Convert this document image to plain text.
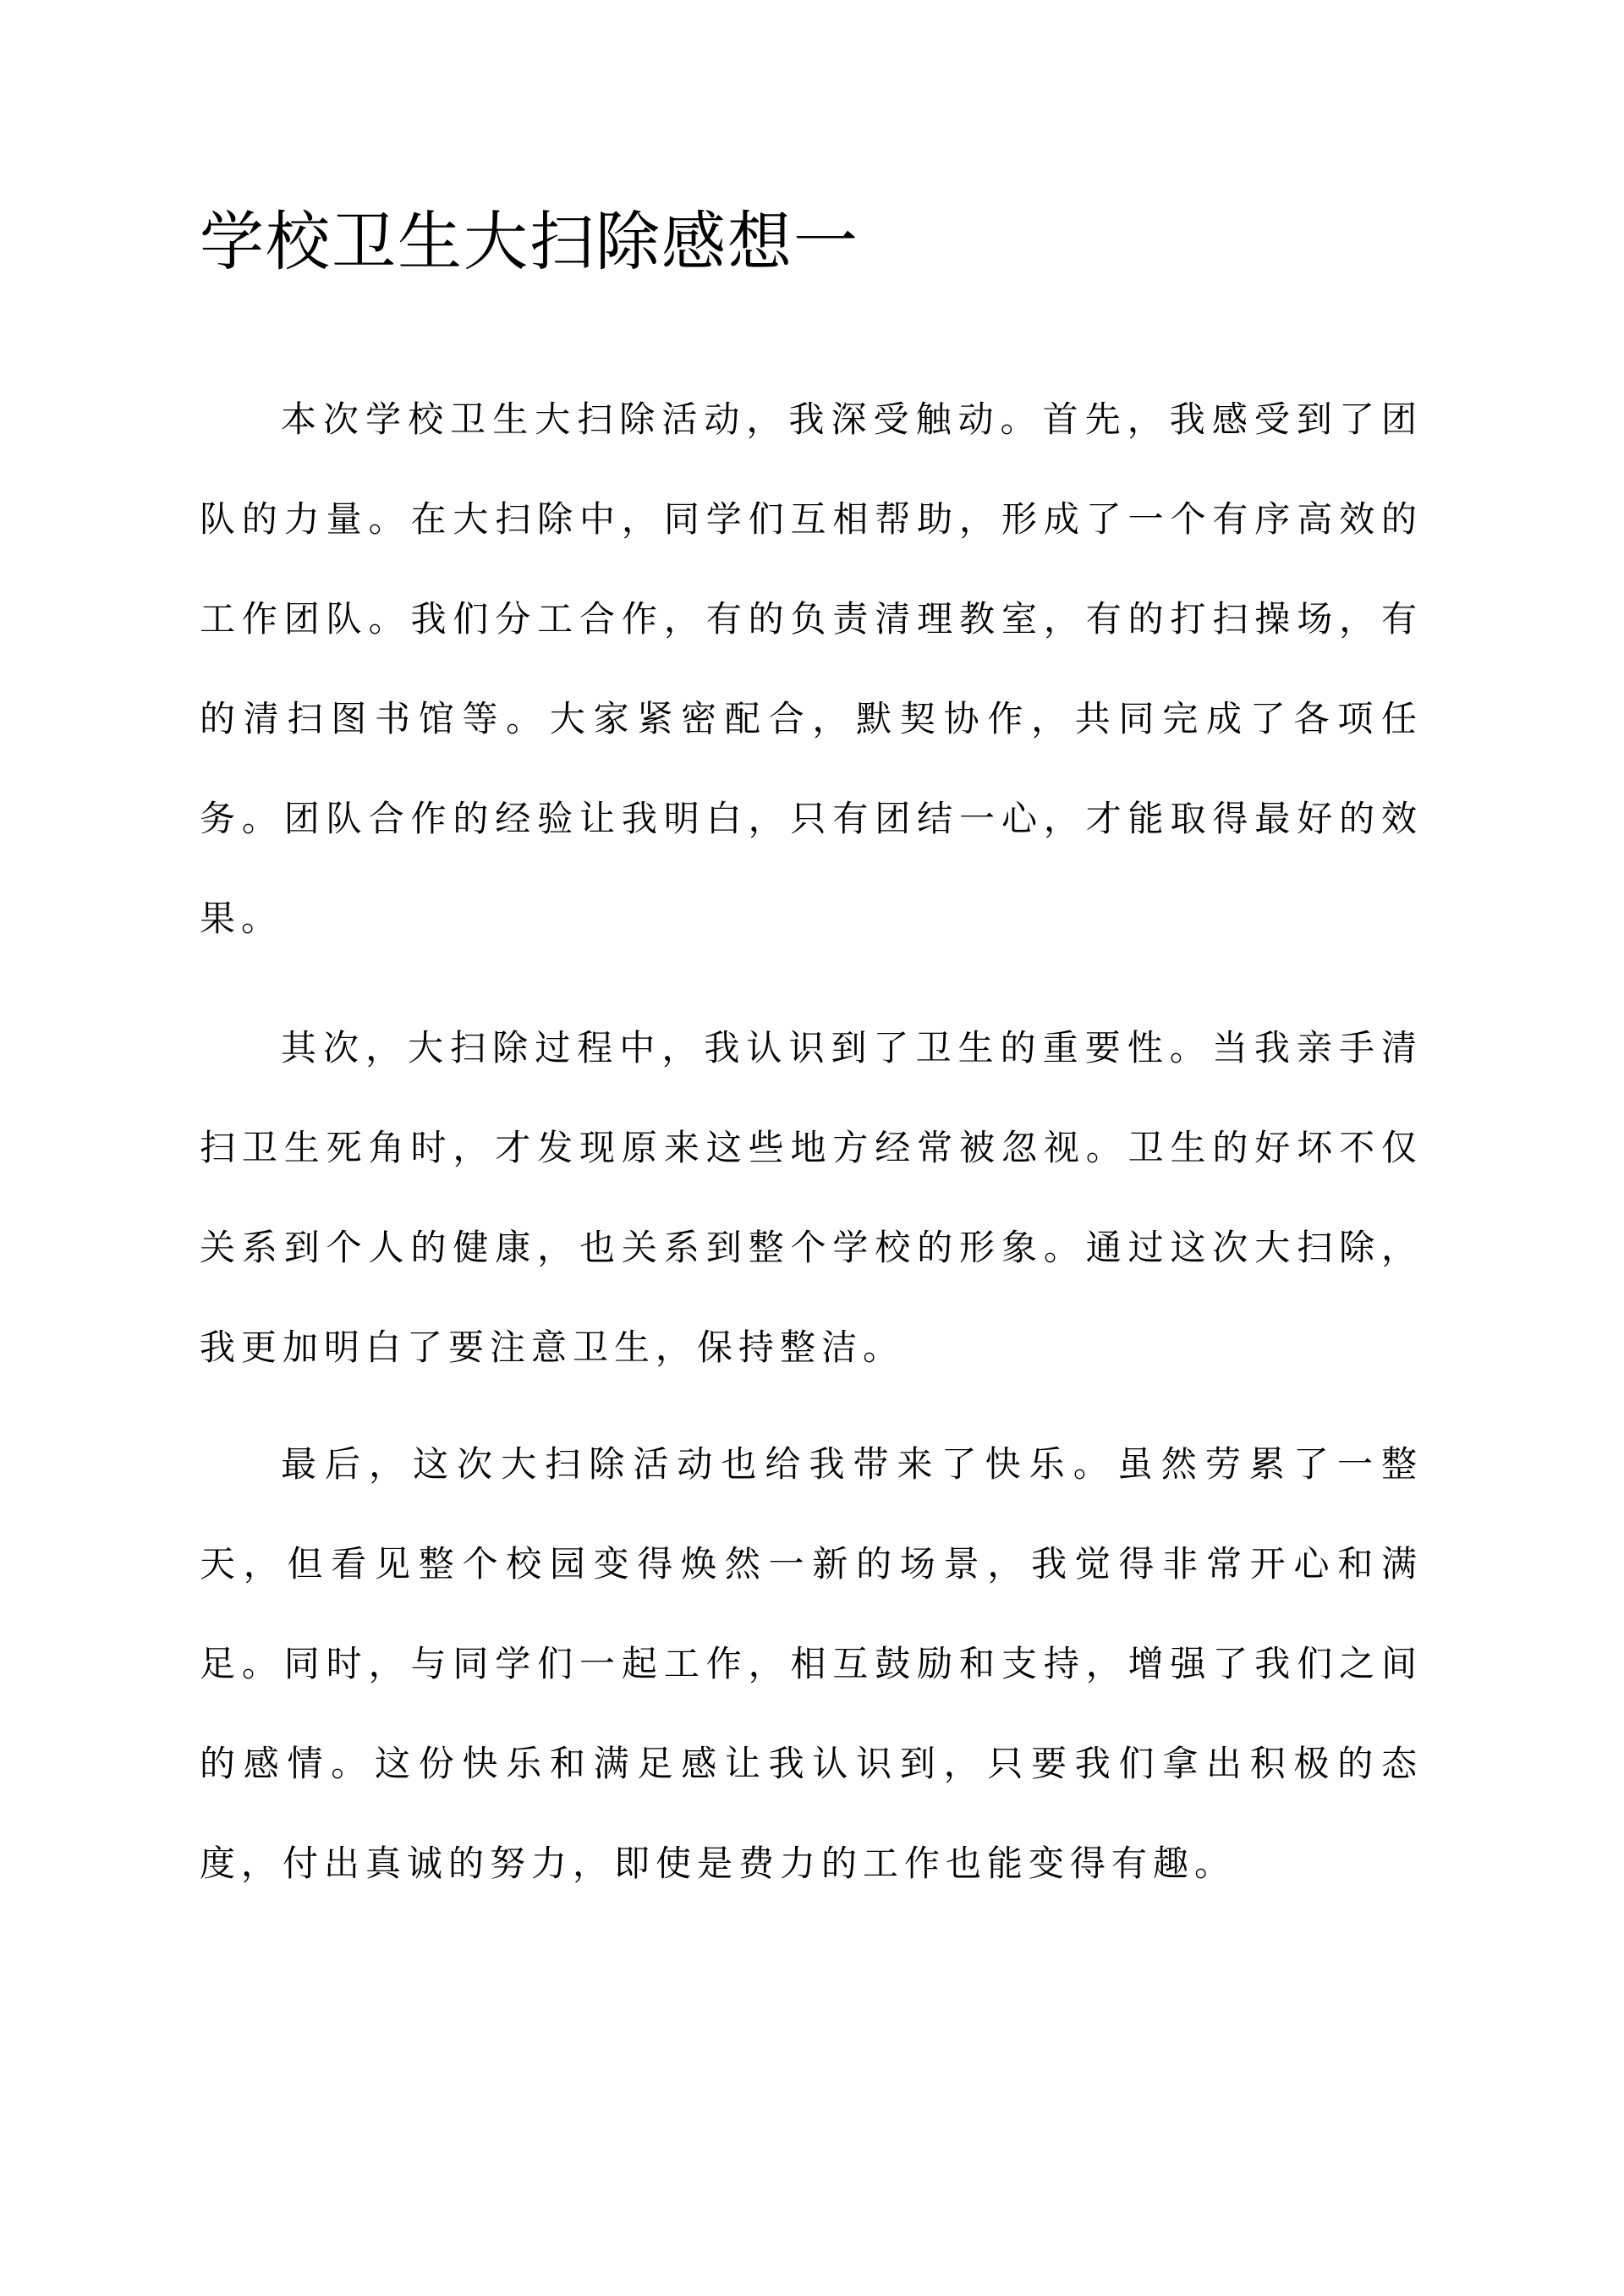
学校卫生大扫除感想一

本次学校卫生大扫除活动，我深受触动。首先，我感受到了团队的力量。在大扫除中，同学们互相帮助，形成了一个有序高效的工作团队。我们分工合作，有的负责清理教室，有的打扫操场，有的清扫图书馆等。大家紧密配合，默契协作，共同完成了各项任务。团队合作的经验让我明白，只有团结一心，才能取得最好的效果。

其次，大扫除过程中，我认识到了卫生的重要性。当我亲手清扫卫生死角时，才发现原来这些地方经常被忽视。卫生的好坏不仅关系到个人的健康，也关系到整个学校的形象。通过这次大扫除，我更加明白了要注意卫生，保持整洁。

最后，这次大扫除活动也给我带来了快乐。虽然劳累了一整天，但看见整个校园变得焕然一新的场景，我觉得非常开心和满足。同时，与同学们一起工作，相互鼓励和支持，增强了我们之间的感情。这份快乐和满足感让我认识到，只要我们拿出积极的态度，付出真诚的努力，即使是费力的工作也能变得有趣。
